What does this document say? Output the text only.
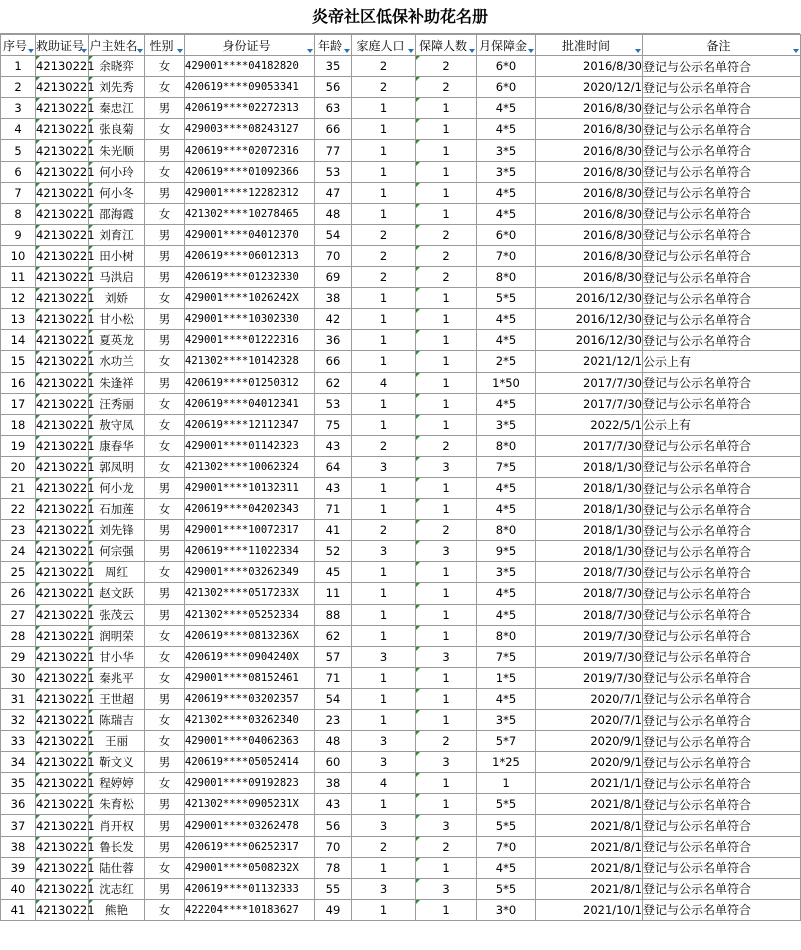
炎帝社区低保补助花名册
序号	救助证号	户主姓名	性别	身份证号	年龄	家庭人口	保障人数	月保障金	批准时间	备注

1	42130221	余晓弈	女	429001****04182820	35	2	2	6*0	2016/8/30	登记与公示名单符合
2	42130221	刘先秀	女	420619****09053341	56	2	2	6*0	2020/12/1	登记与公示名单符合
3	42130221	秦忠江	男	420619****02272313	63	1	1	4*5	2016/8/30	登记与公示名单符合
4	42130221	张良菊	女	429003****08243127	66	1	1	4*5	2016/8/30	登记与公示名单符合
5	42130221	朱光顺	男	420619****02072316	77	1	1	3*5	2016/8/30	登记与公示名单符合
6	42130221	何小玲	女	420619****01092366	53	1	1	3*5	2016/8/30	登记与公示名单符合
7	42130221	何小冬	男	429001****12282312	47	1	1	4*5	2016/8/30	登记与公示名单符合
8	42130221	邵海霞	女	421302****10278465	48	1	1	4*5	2016/8/30	登记与公示名单符合
9	42130221	刘育江	男	429001****04012370	54	2	2	6*0	2016/8/30	登记与公示名单符合
10	42130221	田小树	男	420619****06012313	70	2	2	7*0	2016/8/30	登记与公示名单符合
11	42130221	马洪启	男	420619****01232330	69	2	2	8*0	2016/8/30	登记与公示名单符合
12	42130221	刘娇	女	429001****1026242X	38	1	1	5*5	2016/12/30	登记与公示名单符合
13	42130221	甘小松	男	429001****10302330	42	1	1	4*5	2016/12/30	登记与公示名单符合
14	42130221	夏英龙	男	429001****01222316	36	1	1	4*5	2016/12/30	登记与公示名单符合
15	42130221	水功兰	女	421302****10142328	66	1	1	2*5	2021/12/1	公示上有
16	42130221	朱逢祥	男	420619****01250312	62	4	1	1*50	2017/7/30	登记与公示名单符合
17	42130221	汪秀丽	女	420619****04012341	53	1	1	4*5	2017/7/30	登记与公示名单符合
18	42130221	敖守凤	女	420619****12112347	75	1	1	3*5	2022/5/1	公示上有
19	42130221	康春华	女	429001****01142323	43	2	2	8*0	2017/7/30	登记与公示名单符合
20	42130221	郭凤明	女	421302****10062324	64	3	3	7*5	2018/1/30	登记与公示名单符合
21	42130221	何小龙	男	429001****10132311	43	1	1	4*5	2018/1/30	登记与公示名单符合
22	42130221	石加莲	女	420619****04202343	71	1	1	4*5	2018/1/30	登记与公示名单符合
23	42130221	刘先锋	男	429001****10072317	41	2	2	8*0	2018/1/30	登记与公示名单符合
24	42130221	何宗强	男	420619****11022334	52	3	3	9*5	2018/1/30	登记与公示名单符合
25	42130221	周红	女	429001****03262349	45	1	1	3*5	2018/7/30	登记与公示名单符合
26	42130221	赵文跃	男	421302****0517233X	11	1	1	4*5	2018/7/30	登记与公示名单符合
27	42130221	张茂云	男	421302****05252334	88	1	1	4*5	2018/7/30	登记与公示名单符合
28	42130221	润明荣	女	420619****0813236X	62	1	1	8*0	2019/7/30	登记与公示名单符合
29	42130221	甘小华	女	420619****0904240X	57	3	3	7*5	2019/7/30	登记与公示名单符合
30	42130221	秦兆平	女	429001****08152461	71	1	1	1*5	2019/7/30	登记与公示名单符合
31	42130221	王世超	男	420619****03202357	54	1	1	4*5	2020/7/1	登记与公示名单符合
32	42130221	陈瑞吉	女	421302****03262340	23	1	1	3*5	2020/7/1	登记与公示名单符合
33	42130221	王丽	女	429001****04062363	48	3	2	5*7	2020/9/1	登记与公示名单符合
34	42130221	靳文义	男	420619****05052414	60	3	3	1*25	2020/9/1	登记与公示名单符合
35	42130221	程婷婷	女	429001****09192823	38	4	1	1	2021/1/1	登记与公示名单符合
36	42130221	朱育松	男	421302****0905231X	43	1	1	5*5	2021/8/1	登记与公示名单符合
37	42130221	肖开权	男	429001****03262478	56	3	3	5*5	2021/8/1	登记与公示名单符合
38	42130221	鲁长发	男	420619****06252317	70	2	2	7*0	2021/8/1	登记与公示名单符合
39	42130221	陆仕蓉	女	429001****0508232X	78	1	1	4*5	2021/8/1	登记与公示名单符合
40	42130221	沈志红	男	420619****01132333	55	3	3	5*5	2021/8/1	登记与公示名单符合
41	42130221	熊艳	女	422204****10183627	49	1	1	3*0	2021/10/1	登记与公示名单符合
